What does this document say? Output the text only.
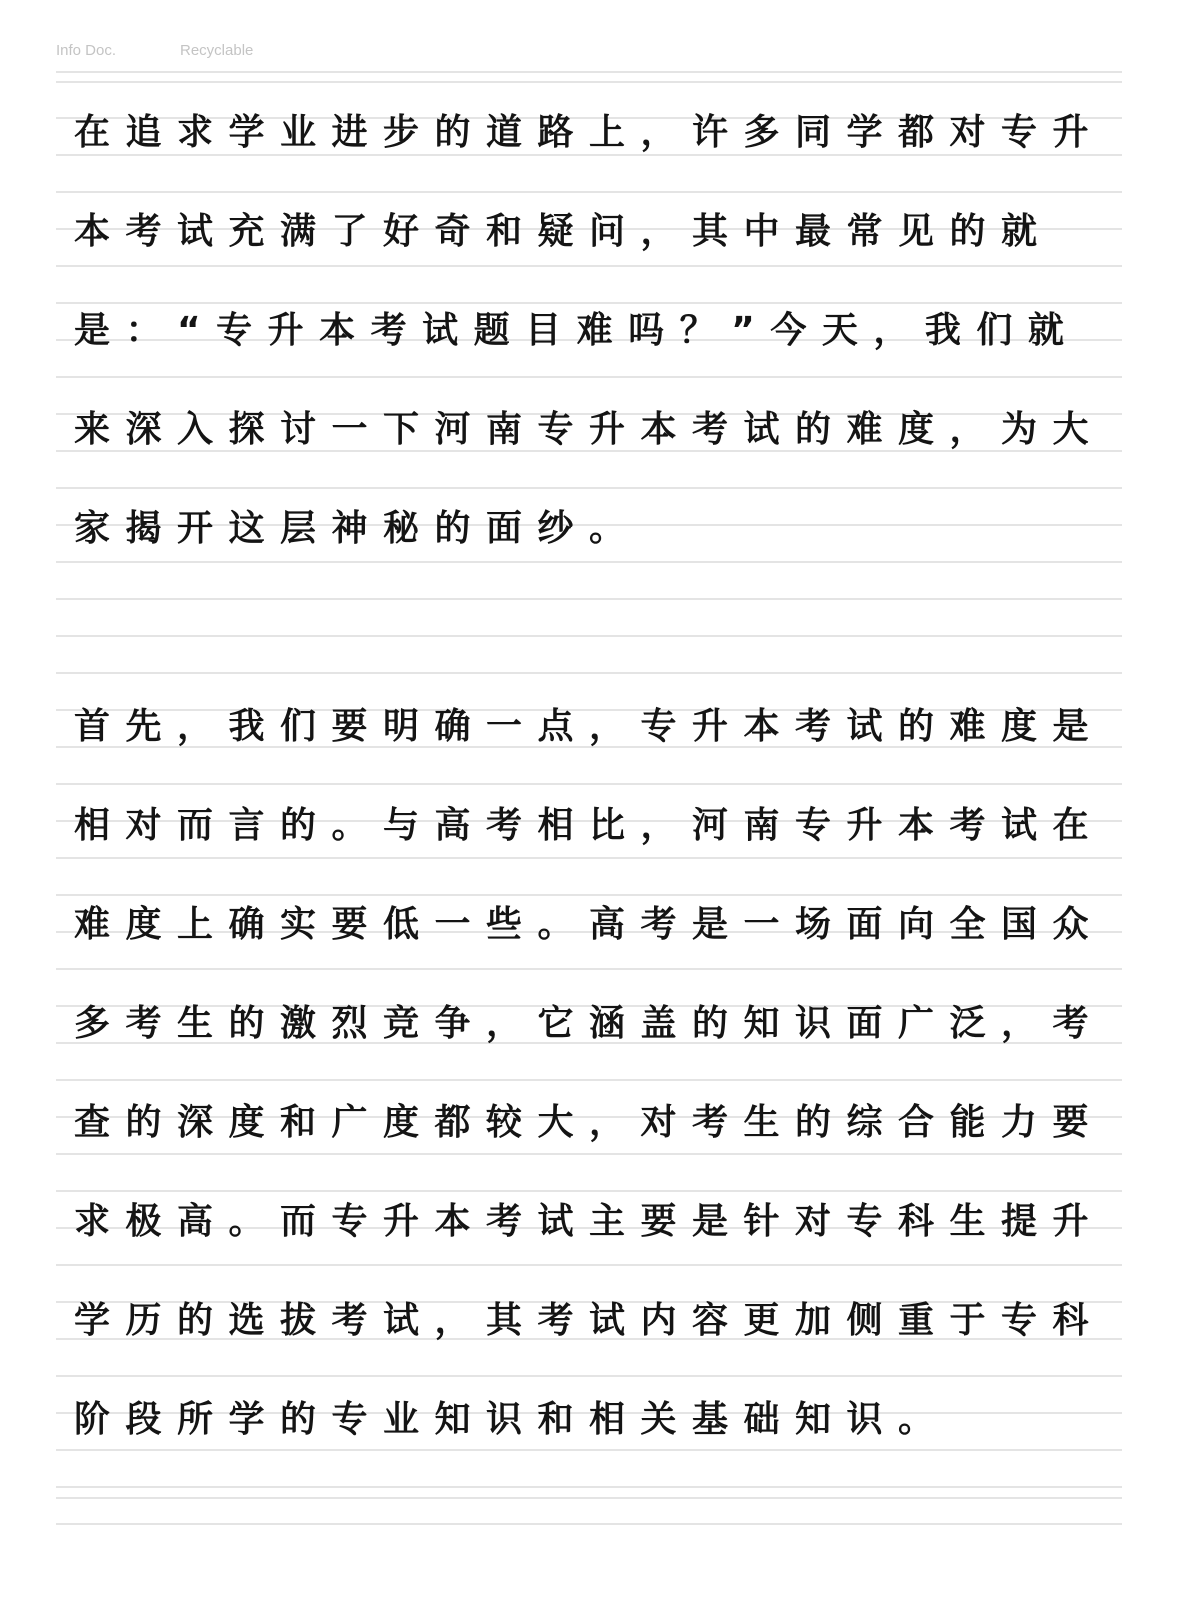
Info Doc.	Recyclable
在追求学业进步的道路上，许多同学都对专升
本考试充满了好奇和疑问，其中最常见的就
是：“专升本考试题目难吗？”今天，我们就
来深入探讨一下河南专升本考试的难度，为大
家揭开这层神秘的面纱。
首先，我们要明确一点，专升本考试的难度是
相对而言的。与高考相比，河南专升本考试在
难度上确实要低一些。高考是一场面向全国众
多考生的激烈竞争，它涵盖的知识面广泛，考
查的深度和广度都较大，对考生的综合能力要
求极高。而专升本考试主要是针对专科生提升
学历的选拔考试，其考试内容更加侧重于专科
阶段所学的专业知识和相关基础知识。
